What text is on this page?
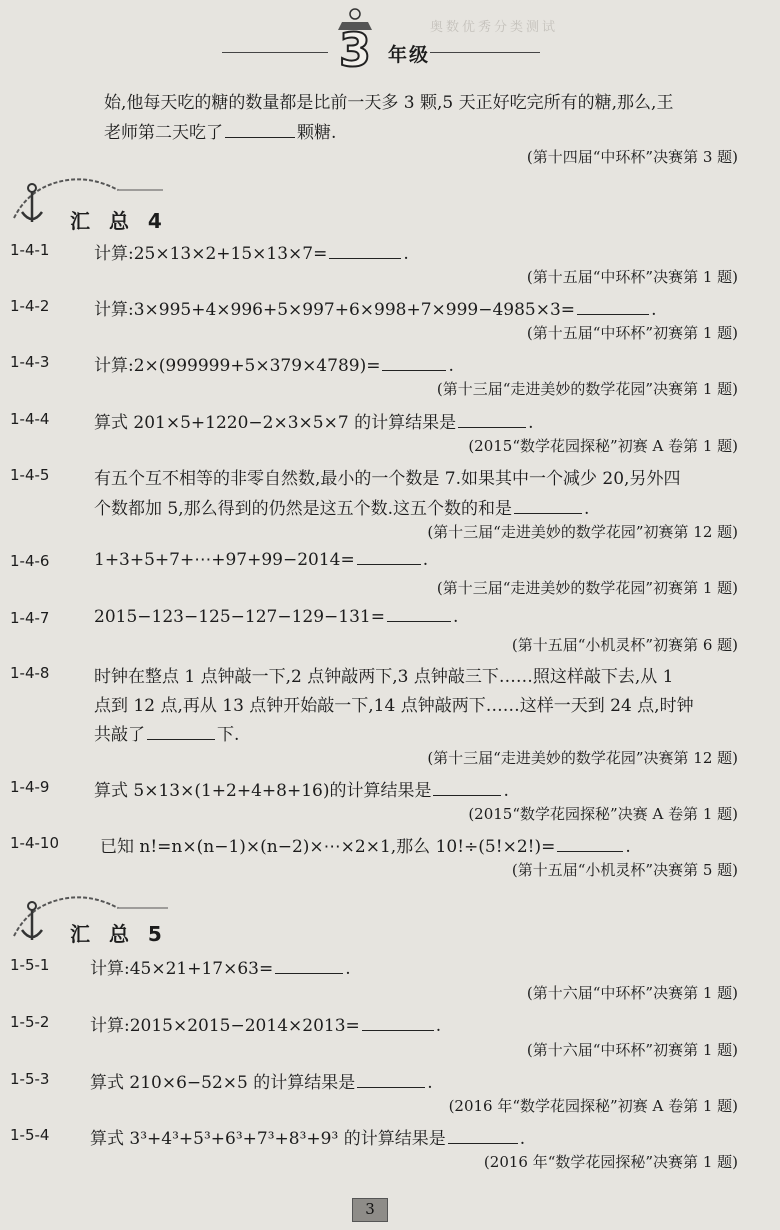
奥数优秀分类测试
3 年级
始,他每天吃的糖的数量都是比前一天多 3 颗,5 天正好吃完所有的糖,那么,王
老师第二天吃了	颗糖.
(第十四届“中环杯”决赛第 3 题)
汇 总 4
1-4-1	计算:25×13×2+15×13×7=	.
(第十五届“中环杯”决赛第 1 题)
1-4-2	计算:3×995+4×996+5×997+6×998+7×999−4985×3=	.
(第十五届“中环杯”初赛第 1 题)
1-4-3	计算:2×(999999+5×379×4789)=	.
(第十三届“走进美妙的数学花园”决赛第 1 题)
1-4-4	算式 201×5+1220−2×3×5×7 的计算结果是	.
(2015“数学花园探秘”初赛 A 卷第 1 题)
1-4-5	有五个互不相等的非零自然数,最小的一个数是 7.如果其中一个减少 20,另外四
个数都加 5,那么得到的仍然是这五个数.这五个数的和是	.
(第十三届“走进美妙的数学花园”初赛第 12 题)
1-4-6	1+3+5+7+⋯+97+99−2014=	.
(第十三届“走进美妙的数学花园”初赛第 1 题)
1-4-7	2015−123−125−127−129−131=	.
(第十五届“小机灵杯”初赛第 6 题)
1-4-8	时钟在整点 1 点钟敲一下,2 点钟敲两下,3 点钟敲三下……照这样敲下去,从 1
点到 12 点,再从 13 点钟开始敲一下,14 点钟敲两下……这样一天到 24 点,时钟
共敲了	下.
(第十三届“走进美妙的数学花园”决赛第 12 题)
1-4-9	算式 5×13×(1+2+4+8+16)的计算结果是	.
(2015“数学花园探秘”决赛 A 卷第 1 题)
1-4-10 已知 n!=n×(n−1)×(n−2)×⋯×2×1,那么 10!÷(5!×2!)=	.
(第十五届“小机灵杯”决赛第 5 题)
汇 总 5
1-5-1 计算:45×21+17×63=	.
(第十六届“中环杯”决赛第 1 题)
1-5-2 计算:2015×2015−2014×2013=	.
(第十六届“中环杯”初赛第 1 题)
1-5-3 算式 210×6−52×5 的计算结果是	.
(2016 年“数学花园探秘”初赛 A 卷第 1 题)
1-5-4 算式 3³+4³+5³+6³+7³+8³+9³ 的计算结果是	.
(2016 年“数学花园探秘”决赛第 1 题)
3
